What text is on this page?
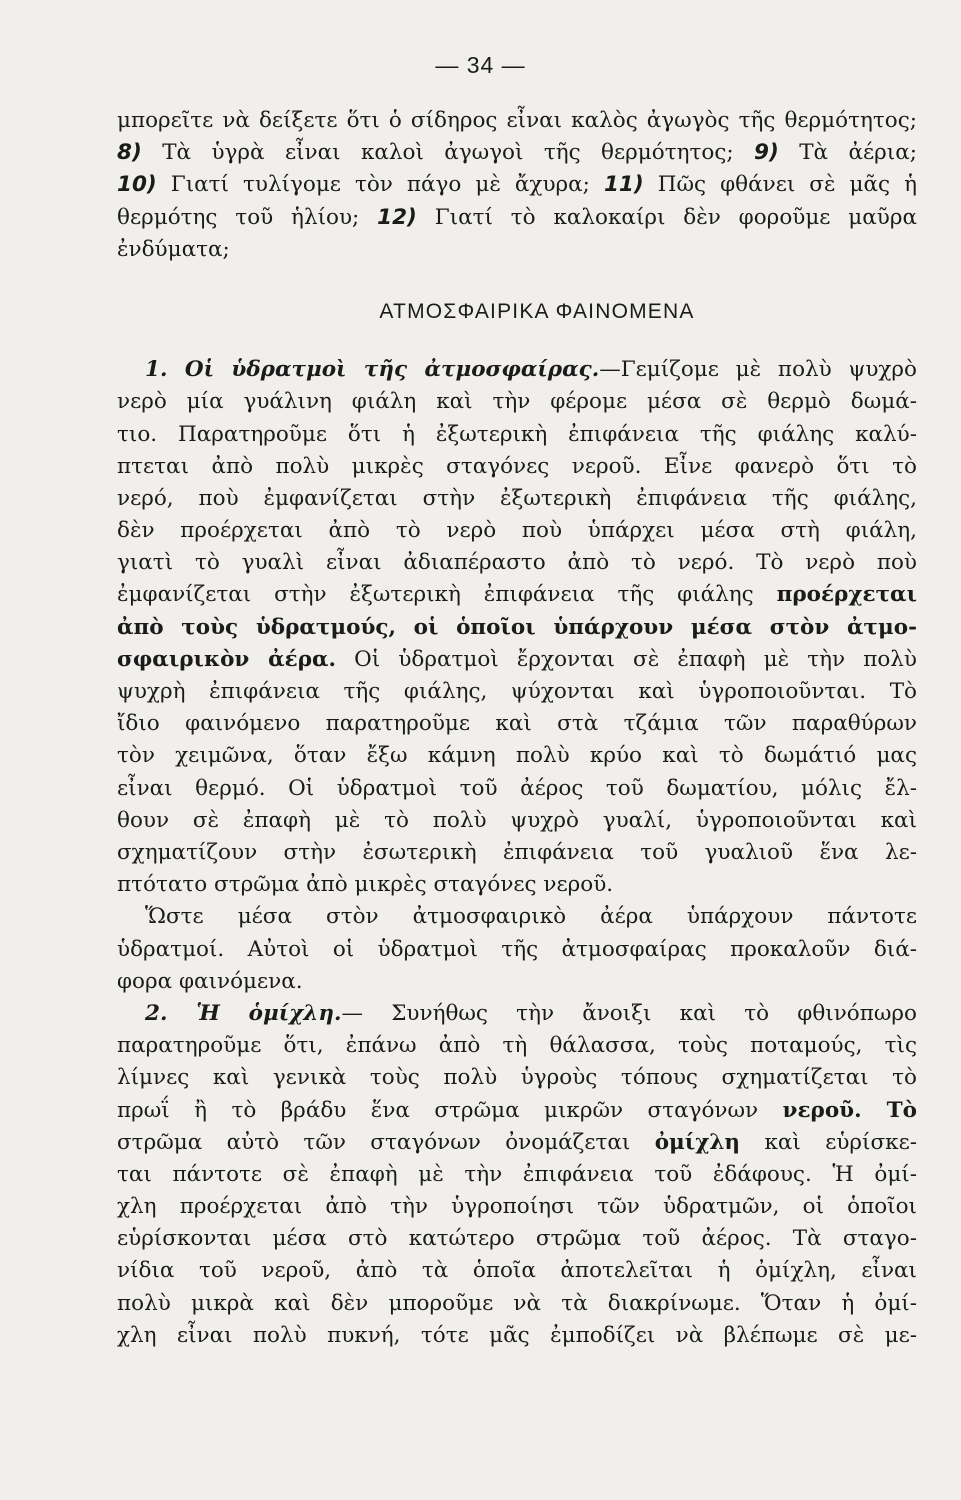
— 34 —
μπορεῖτε νὰ δείξετε ὅτι ὁ σίδηρος εἶναι καλὸς ἀγωγὸς τῆς θερμότητος;
8) Τὰ ὑγρὰ εἶναι καλοὶ ἀγωγοὶ τῆς θερμότητος; 9) Τὰ ἀέρια;
10) Γιατί τυλίγομε τὸν πάγο μὲ ἄχυρα; 11) Πῶς φθάνει σὲ μᾶς ἡ
θερμότης τοῦ ἡλίου; 12) Γιατί τὸ καλοκαίρι δὲν φοροῦμε μαῦρα
ἐνδύματα;
ΑΤΜΟΣΦΑΙΡΙΚΑ ΦΑΙΝΟΜΕΝΑ
1. Οἱ ὑδρατμοὶ τῆς ἀτμοσφαίρας.—Γεμίζομε μὲ πολὺ ψυχρὸ
νερὸ μία γυάλινη φιάλη καὶ τὴν φέρομε μέσα σὲ θερμὸ δωμά-
τιο. Παρατηροῦμε ὅτι ἡ ἐξωτερικὴ ἐπιφάνεια τῆς φιάλης καλύ-
πτεται ἀπὸ πολὺ μικρὲς σταγόνες νεροῦ. Εἶνε φανερὸ ὅτι τὸ
νερό, ποὺ ἐμφανίζεται στὴν ἐξωτερικὴ ἐπιφάνεια τῆς φιάλης,
δὲν προέρχεται ἀπὸ τὸ νερὸ ποὺ ὑπάρχει μέσα στὴ φιάλη,
γιατὶ τὸ γυαλὶ εἶναι ἀδιαπέραστο ἀπὸ τὸ νερό. Τὸ νερὸ ποὺ
ἐμφανίζεται στὴν ἐξωτερικὴ ἐπιφάνεια τῆς φιάλης προέρχεται
ἀπὸ τοὺς ὑδρατμούς, οἱ ὁποῖοι ὑπάρχουν μέσα στὸν ἀτμο-
σφαιρικὸν ἀέρα. Οἱ ὑδρατμοὶ ἔρχονται σὲ ἐπαφὴ μὲ τὴν πολὺ
ψυχρὴ ἐπιφάνεια τῆς φιάλης, ψύχονται καὶ ὑγροποιοῦνται. Τὸ
ἴδιο φαινόμενο παρατηροῦμε καὶ στὰ τζάμια τῶν παραθύρων
τὸν χειμῶνα, ὅταν ἔξω κάμνη πολὺ κρύο καὶ τὸ δωμάτιό μας
εἶναι θερμό. Οἱ ὑδρατμοὶ τοῦ ἀέρος τοῦ δωματίου, μόλις ἔλ-
θουν σὲ ἐπαφὴ μὲ τὸ πολὺ ψυχρὸ γυαλί, ὑγροποιοῦνται καὶ
σχηματίζουν στὴν ἐσωτερικὴ ἐπιφάνεια τοῦ γυαλιοῦ ἕνα λε-
πτότατο στρῶμα ἀπὸ μικρὲς σταγόνες νεροῦ.
Ὥστε μέσα στὸν ἀτμοσφαιρικὸ ἀέρα ὑπάρχουν πάντοτε
ὑδρατμοί. Αὐτοὶ οἱ ὑδρατμοὶ τῆς ἀτμοσφαίρας προκαλοῦν διά-
φορα φαινόμενα.
2. Ἡ ὁμίχλη.— Συνήθως τὴν ἄνοιξι καὶ τὸ φθινόπωρο
παρατηροῦμε ὅτι, ἐπάνω ἀπὸ τὴ θάλασσα, τοὺς ποταμούς, τὶς
λίμνες καὶ γενικὰ τοὺς πολὺ ὑγροὺς τόπους σχηματίζεται τὸ
πρωΐ ἢ τὸ βράδυ ἕνα στρῶμα μικρῶν σταγόνων νεροῦ. Τὸ
στρῶμα αὐτὸ τῶν σταγόνων ὀνομάζεται ὀμίχλη καὶ εὑρίσκε-
ται πάντοτε σὲ ἐπαφὴ μὲ τὴν ἐπιφάνεια τοῦ ἐδάφους. Ἡ ὀμί-
χλη προέρχεται ἀπὸ τὴν ὑγροποίησι τῶν ὑδρατμῶν, οἱ ὁποῖοι
εὑρίσκονται μέσα στὸ κατώτερο στρῶμα τοῦ ἀέρος. Τὰ σταγο-
νίδια τοῦ νεροῦ, ἀπὸ τὰ ὁποῖα ἀποτελεῖται ἡ ὀμίχλη, εἶναι
πολὺ μικρὰ καὶ δὲν μποροῦμε νὰ τὰ διακρίνωμε. Ὅταν ἡ ὀμί-
χλη εἶναι πολὺ πυκνή, τότε μᾶς ἐμποδίζει νὰ βλέπωμε σὲ με-
